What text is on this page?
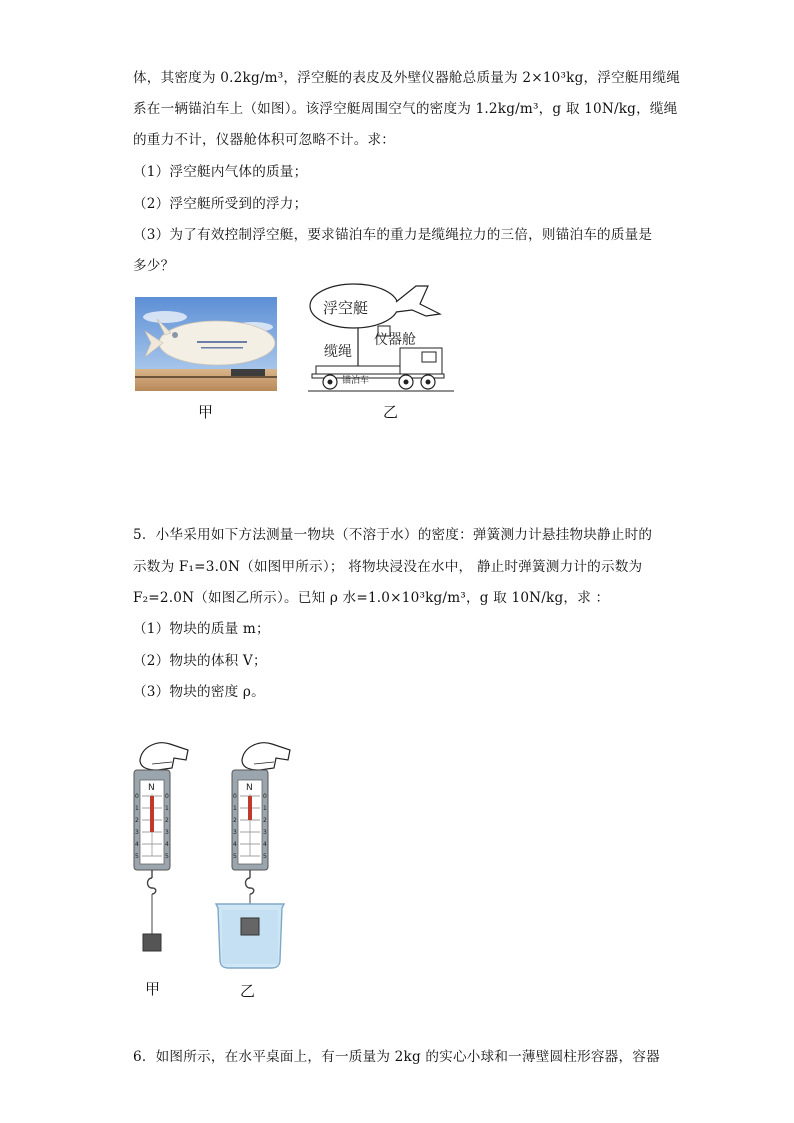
体，其密度为 0.2kg/m³，浮空艇的表皮及外壁仪器舱总质量为 2×10³kg，浮空艇用缆绳
系在一辆锚泊车上（如图）。该浮空艇周围空气的密度为 1.2kg/m³，g 取 10N/kg，缆绳
的重力不计，仪器舱体积可忽略不计。求：
（1）浮空艇内气体的质量；
（2）浮空艇所受到的浮力；
（3）为了有效控制浮空艇，要求锚泊车的重力是缆绳拉力的三倍，则锚泊车的质量是
多少？
甲
浮空艇
仪器舱
缆绳
锚泊车
乙
5．小华采用如下方法测量一物块（不溶于水）的密度：弹簧测力计悬挂物块静止时的
示数为 F₁=3.0N（如图甲所示）； 将物块浸没在水中， 静止时弹簧测力计的示数为
F₂=2.0N（如图乙所示）。已知 ρ 水=1.0×10³kg/m³，g 取 10N/kg，求 ：
（1）物块的质量 m；
（2）物块的体积 V；
（3）物块的密度 ρ。
N
0
1
2
3
4
5
0
1
2
3
4
5
甲
N
0
1
2
3
4
5
0
1
2
3
4
5
乙
6．如图所示，在水平桌面上，有一质量为 2kg 的实心小球和一薄壁圆柱形容器，容器
